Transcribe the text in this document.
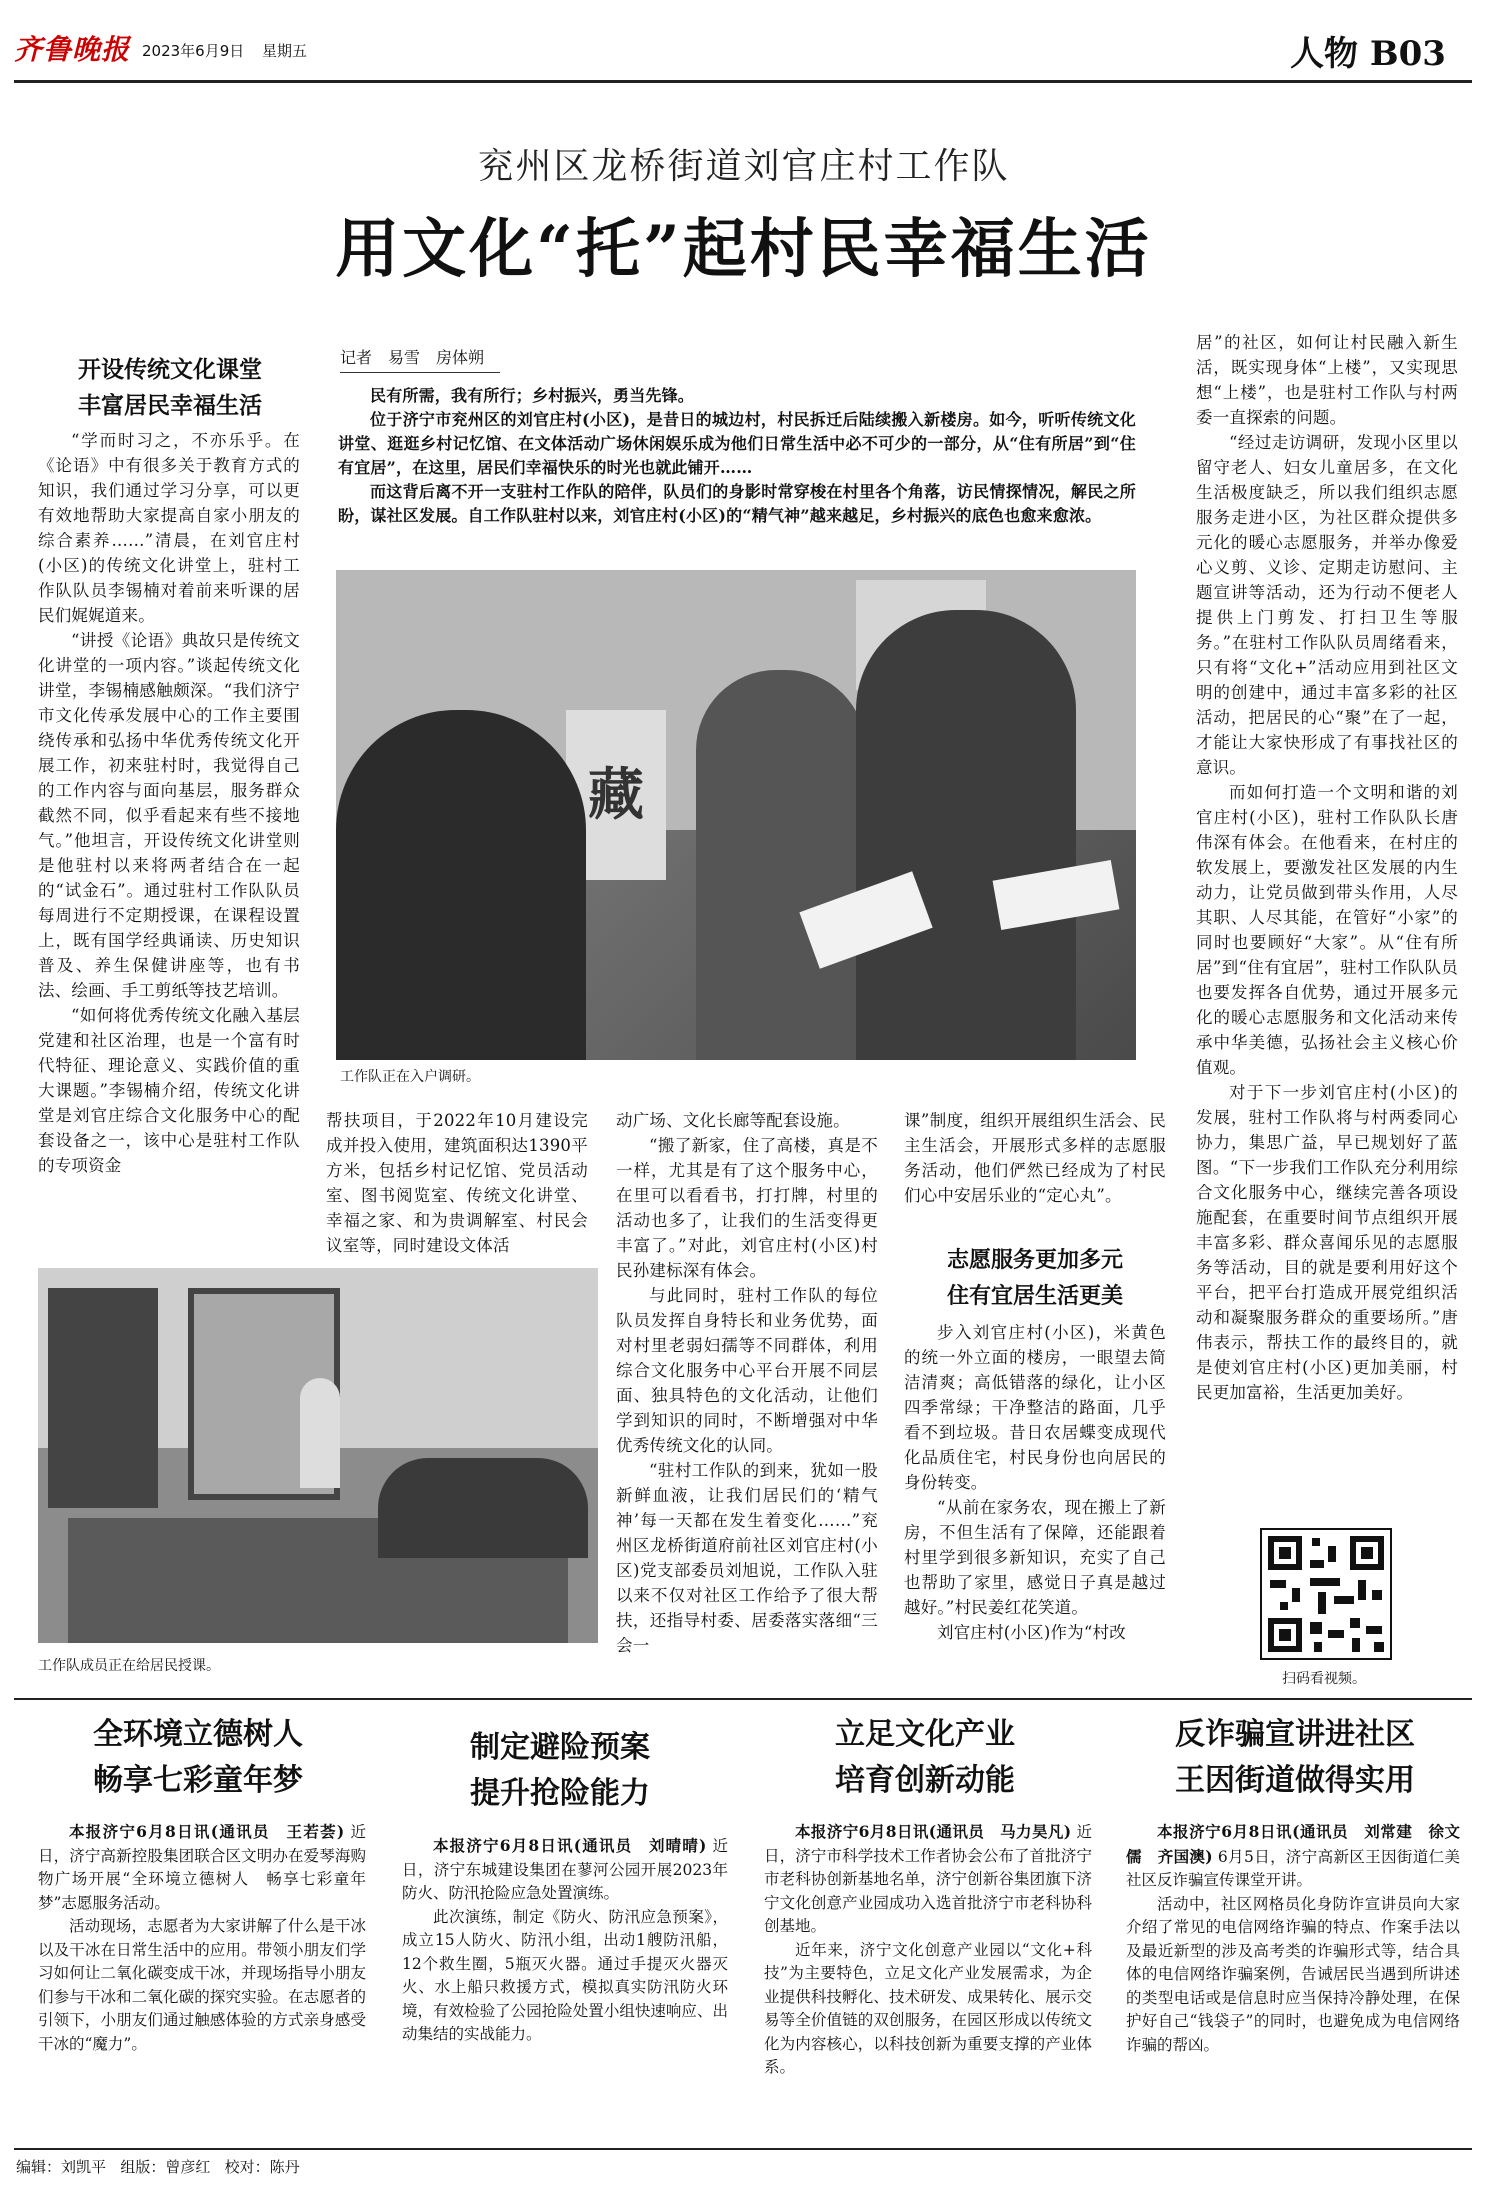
齐鲁晚报 2023年6月9日 星期五	人物 B03
兖州区龙桥街道刘官庄村工作队
用文化“托”起村民幸福生活
开设传统文化课堂
丰富居民幸福生活

“学而时习之，不亦乐乎。在《论语》中有很多关于教育方式的知识，我们通过学习分享，可以更有效地帮助大家提高自家小朋友的综合素养……”清晨，在刘官庄村(小区)的传统文化讲堂上，驻村工作队队员李锡楠对着前来听课的居民们娓娓道来。

“讲授《论语》典故只是传统文化讲堂的一项内容。”谈起传统文化讲堂，李锡楠感触颇深。“我们济宁市文化传承发展中心的工作主要围绕传承和弘扬中华优秀传统文化开展工作，初来驻村时，我觉得自己的工作内容与面向基层，服务群众截然不同，似乎看起来有些不接地气。”他坦言，开设传统文化讲堂则是他驻村以来将两者结合在一起的“试金石”。通过驻村工作队队员每周进行不定期授课，在课程设置上，既有国学经典诵读、历史知识普及、养生保健讲座等，也有书法、绘画、手工剪纸等技艺培训。

“如何将优秀传统文化融入基层党建和社区治理，也是一个富有时代特征、理论意义、实践价值的重大课题。”李锡楠介绍，传统文化讲堂是刘官庄综合文化服务中心的配套设备之一，该中心是驻村工作队的专项资金

记者　易雪　房体朔

民有所需，我有所行；乡村振兴，勇当先锋。

位于济宁市兖州区的刘官庄村(小区)，是昔日的城边村，村民拆迁后陆续搬入新楼房。如今，听听传统文化讲堂、逛逛乡村记忆馆、在文体活动广场休闲娱乐成为他们日常生活中必不可少的一部分，从“住有所居”到“住有宜居”，在这里，居民们幸福快乐的时光也就此铺开……

而这背后离不开一支驻村工作队的陪伴，队员们的身影时常穿梭在村里各个角落，访民情探情况，解民之所盼，谋社区发展。自工作队驻村以来，刘官庄村(小区)的“精气神”越来越足，乡村振兴的底色也愈来愈浓。

藏
工作队正在入户调研。
工作队成员正在给居民授课。

帮扶项目，于2022年10月建设完成并投入使用，建筑面积达1390平方米，包括乡村记忆馆、党员活动室、图书阅览室、传统文化讲堂、幸福之家、和为贵调解室、村民会议室等，同时建设文体活

动广场、文化长廊等配套设施。

“搬了新家，住了高楼，真是不一样，尤其是有了这个服务中心，在里可以看看书，打打牌，村里的活动也多了，让我们的生活变得更丰富了。”对此，刘官庄村(小区)村民孙建标深有体会。

与此同时，驻村工作队的每位队员发挥自身特长和业务优势，面对村里老弱妇孺等不同群体，利用综合文化服务中心平台开展不同层面、独具特色的文化活动，让他们学到知识的同时，不断增强对中华优秀传统文化的认同。

“驻村工作队的到来，犹如一股新鲜血液，让我们居民们的‘精气神’每一天都在发生着变化……”兖州区龙桥街道府前社区刘官庄村(小区)党支部委员刘旭说，工作队入驻以来不仅对社区工作给予了很大帮扶，还指导村委、居委落实落细“三会一

课”制度，组织开展组织生活会、民主生活会，开展形式多样的志愿服务活动，他们俨然已经成为了村民们心中安居乐业的“定心丸”。

志愿服务更加多元
住有宜居生活更美

步入刘官庄村(小区)，米黄色的统一外立面的楼房，一眼望去简洁清爽；高低错落的绿化，让小区四季常绿；干净整洁的路面，几乎看不到垃圾。昔日农居蝶变成现代化品质住宅，村民身份也向居民的身份转变。

“从前在家务农，现在搬上了新房，不但生活有了保障，还能跟着村里学到很多新知识，充实了自己也帮助了家里，感觉日子真是越过越好。”村民姜红花笑道。

刘官庄村(小区)作为“村改

居”的社区，如何让村民融入新生活，既实现身体“上楼”，又实现思想“上楼”，也是驻村工作队与村两委一直探索的问题。

“经过走访调研，发现小区里以留守老人、妇女儿童居多，在文化生活极度缺乏，所以我们组织志愿服务走进小区，为社区群众提供多元化的暖心志愿服务，并举办像爱心义剪、义诊、定期走访慰问、主题宣讲等活动，还为行动不便老人提供上门剪发、打扫卫生等服务。”在驻村工作队队员周绪看来，只有将“文化+”活动应用到社区文明的创建中，通过丰富多彩的社区活动，把居民的心“聚”在了一起，才能让大家快形成了有事找社区的意识。

而如何打造一个文明和谐的刘官庄村(小区)，驻村工作队队长唐伟深有体会。在他看来，在村庄的软发展上，要激发社区发展的内生动力，让党员做到带头作用，人尽其职、人尽其能，在管好“小家”的同时也要顾好“大家”。从“住有所居”到“住有宜居”，驻村工作队队员也要发挥各自优势，通过开展多元化的暖心志愿服务和文化活动来传承中华美德，弘扬社会主义核心价值观。

对于下一步刘官庄村(小区)的发展，驻村工作队将与村两委同心协力，集思广益，早已规划好了蓝图。“下一步我们工作队充分利用综合文化服务中心，继续完善各项设施配套，在重要时间节点组织开展丰富多彩、群众喜闻乐见的志愿服务等活动，目的就是要利用好这个平台，把平台打造成开展党组织活动和凝聚服务群众的重要场所。”唐伟表示，帮扶工作的最终目的，就是使刘官庄村(小区)更加美丽，村民更加富裕，生活更加美好。

扫码看视频。
全环境立德树人
畅享七彩童年梦

本报济宁6月8日讯(通讯员　王若荟) 近日，济宁高新控股集团联合区文明办在爱琴海购物广场开展“全环境立德树人　畅享七彩童年梦”志愿服务活动。

活动现场，志愿者为大家讲解了什么是干冰以及干冰在日常生活中的应用。带领小朋友们学习如何让二氧化碳变成干冰，并现场指导小朋友们参与干冰和二氧化碳的探究实验。在志愿者的引领下，小朋友们通过触感体验的方式亲身感受干冰的“魔力”。

制定避险预案
提升抢险能力

本报济宁6月8日讯(通讯员　刘晴晴) 近日，济宁东城建设集团在蓼河公园开展2023年防火、防汛抢险应急处置演练。

此次演练，制定《防火、防汛应急预案》，成立15人防火、防汛小组，出动1艘防汛船，12个救生圈，5瓶灭火器。通过手提灭火器灭火、水上船只救援方式，模拟真实防汛防火环境，有效检验了公园抢险处置小组快速响应、出动集结的实战能力。

立足文化产业
培育创新动能

本报济宁6月8日讯(通讯员　马力昊凡) 近日，济宁市科学技术工作者协会公布了首批济宁市老科协创新基地名单，济宁创新谷集团旗下济宁文化创意产业园成功入选首批济宁市老科协科创基地。

近年来，济宁文化创意产业园以“文化+科技”为主要特色，立足文化产业发展需求，为企业提供科技孵化、技术研发、成果转化、展示交易等全价值链的双创服务，在园区形成以传统文化为内容核心，以科技创新为重要支撑的产业体系。

反诈骗宣讲进社区
王因街道做得实用

本报济宁6月8日讯(通讯员　刘常建　徐文儒　齐国澳) 6月5日，济宁高新区王因街道仁美社区反诈骗宣传课堂开讲。

活动中，社区网格员化身防诈宣讲员向大家介绍了常见的电信网络诈骗的特点、作案手法以及最近新型的涉及高考类的诈骗形式等，结合具体的电信网络诈骗案例，告诫居民当遇到所讲述的类型电话或是信息时应当保持冷静处理，在保护好自己“钱袋子”的同时，也避免成为电信网络诈骗的帮凶。

编辑：刘凯平 组版：曾彦红 校对：陈丹
